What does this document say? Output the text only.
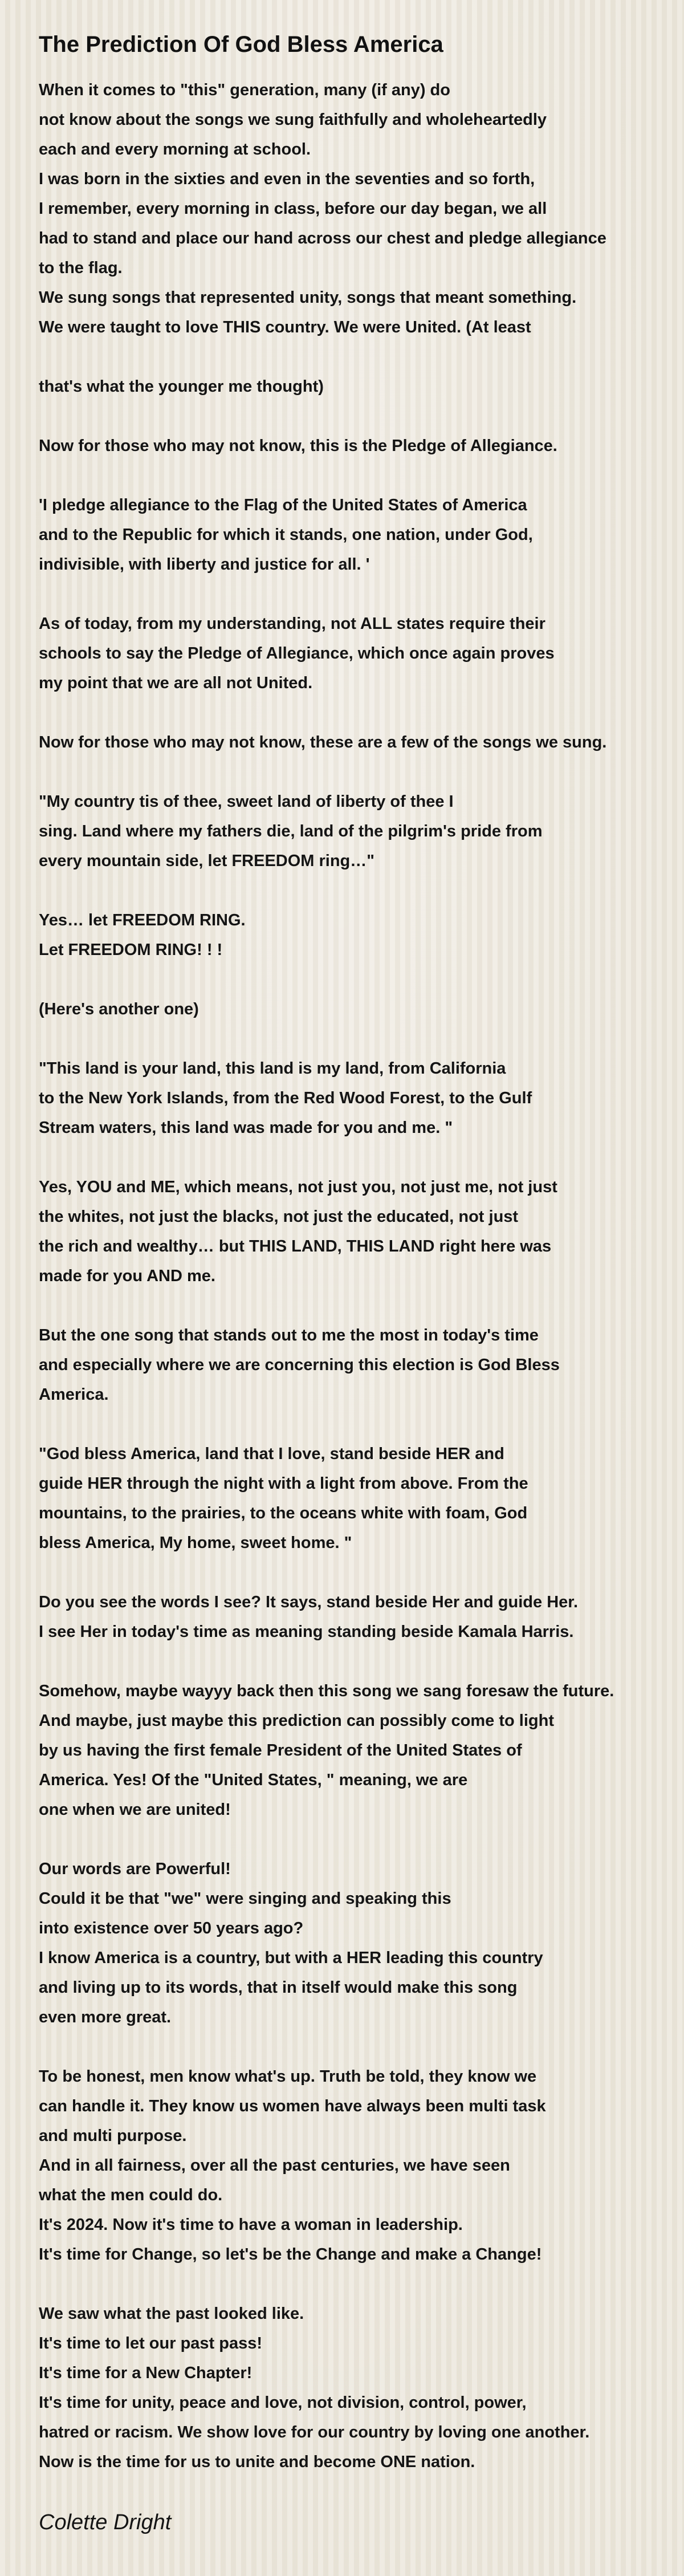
The Prediction Of God Bless America
When it comes to "this" generation, many (if any) do
not know about the songs we sung faithfully and wholeheartedly
each and every morning at school.
I was born in the sixties and even in the seventies and so forth,
I remember, every morning in class, before our day began, we all
had to stand and place our hand across our chest and pledge allegiance
to the flag.
We sung songs that represented unity, songs that meant something.
We were taught to love THIS country. We were United. (At least
that's what the younger me thought)
Now for those who may not know, this is the Pledge of Allegiance.
'I pledge allegiance to the Flag of the United States of America
and to the Republic for which it stands, one nation, under God,
indivisible, with liberty and justice for all. '
As of today, from my understanding, not ALL states require their
schools to say the Pledge of Allegiance, which once again proves
my point that we are all not United.
Now for those who may not know, these are a few of the songs we sung.
"My country tis of thee, sweet land of liberty of thee I
sing. Land where my fathers die, land of the pilgrim's pride from
every mountain side, let FREEDOM ring…"
Yes… let FREEDOM RING.
Let FREEDOM RING! ! !
(Here's another one)
"This land is your land, this land is my land, from California
to the New York Islands, from the Red Wood Forest, to the Gulf
Stream waters, this land was made for you and me. "
Yes, YOU and ME, which means, not just you, not just me, not just
the whites, not just the blacks, not just the educated, not just
the rich and wealthy… but THIS LAND, THIS LAND right here was
made for you AND me.
But the one song that stands out to me the most in today's time
and especially where we are concerning this election is God Bless
America.
"God bless America, land that I love, stand beside HER and
guide HER through the night with a light from above. From the
mountains, to the prairies, to the oceans white with foam, God
bless America, My home, sweet home. "
Do you see the words I see? It says, stand beside Her and guide Her.
I see Her in today's time as meaning standing beside Kamala Harris.
Somehow, maybe wayyy back then this song we sang foresaw the future.
And maybe, just maybe this prediction can possibly come to light
by us having the first female President of the United States of
America. Yes! Of the "United States, " meaning, we are
one when we are united!
Our words are Powerful!
Could it be that "we" were singing and speaking this
into existence over 50 years ago?
I know America is a country, but with a HER leading this country
and living up to its words, that in itself would make this song
even more great.
To be honest, men know what's up. Truth be told, they know we
can handle it. They know us women have always been multi task
and multi purpose.
And in all fairness, over all the past centuries, we have seen
what the men could do.
It's 2024. Now it's time to have a woman in leadership.
It's time for Change, so let's be the Change and make a Change!
We saw what the past looked like.
It's time to let our past pass!
It's time for a New Chapter!
It's time for unity, peace and love, not division, control, power,
hatred or racism. We show love for our country by loving one another.
Now is the time for us to unite and become ONE nation.
Colette Dright
